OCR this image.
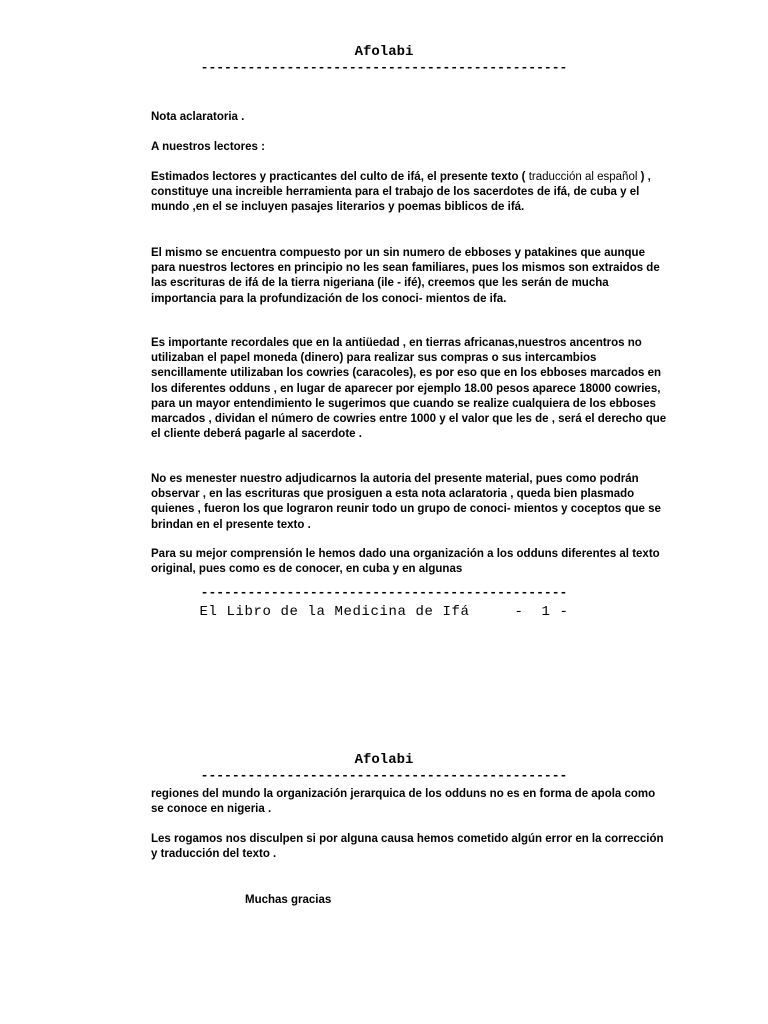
Afolabi
-----------------------------------------------
Nota aclaratoria .
A nuestros lectores :

Estimados lectores y practicantes del culto de ifá, el presente texto ( traducción al español ) , constituye una increible herramienta para el trabajo de los sacerdotes de ifá, de cuba y el mundo ,en el se incluyen pasajes literarios y poemas biblicos de ifá.

El mismo se encuentra compuesto por un sin numero de ebboses y patakines que aunque para nuestros lectores en principio no les sean familiares, pues los mismos son extraidos de las escrituras de ifá de la tierra nigeriana (ile - ifé), creemos que les serán de mucha importancia para la profundización de los conoci- mientos de ifa.
Es importante recordales que en la antiüedad , en tierras africanas,nuestros ancentros no utilizaban el papel moneda (dinero) para realizar sus compras o sus intercambios sencillamente utilizaban los cowries (caracoles), es por eso que en los ebboses marcados en los diferentes odduns , en lugar de aparecer por ejemplo 18.00 pesos aparece 18000 cowries, para un mayor entendimiento le sugerimos que cuando se realize cualquiera de los ebboses marcados , dividan el número de cowries entre 1000 y el valor que les de , será el derecho que el cliente deberá pagarle al sacerdote .
No es menester nuestro adjudicarnos la autoria del presente material, pues como podrán observar , en las escrituras que prosiguen a esta nota aclaratoria , queda bien plasmado quienes , fueron los que lograron reunir todo un grupo de conoci- mientos y coceptos que se brindan en el presente texto .
Para su mejor comprensión le hemos dado una organización a los odduns diferentes al texto original, pues como es de conocer, en cuba y en algunas
-----------------------------------------------
El Libro de la Medicina de Ifá     -  1 -
Afolabi
-----------------------------------------------
regiones del mundo la organización jerarquica de los odduns no es en forma de apola como se conoce en nigeria .
Les rogamos nos disculpen si por alguna causa hemos cometido algún error en la corrección y traducción del texto .
Muchas gracias
